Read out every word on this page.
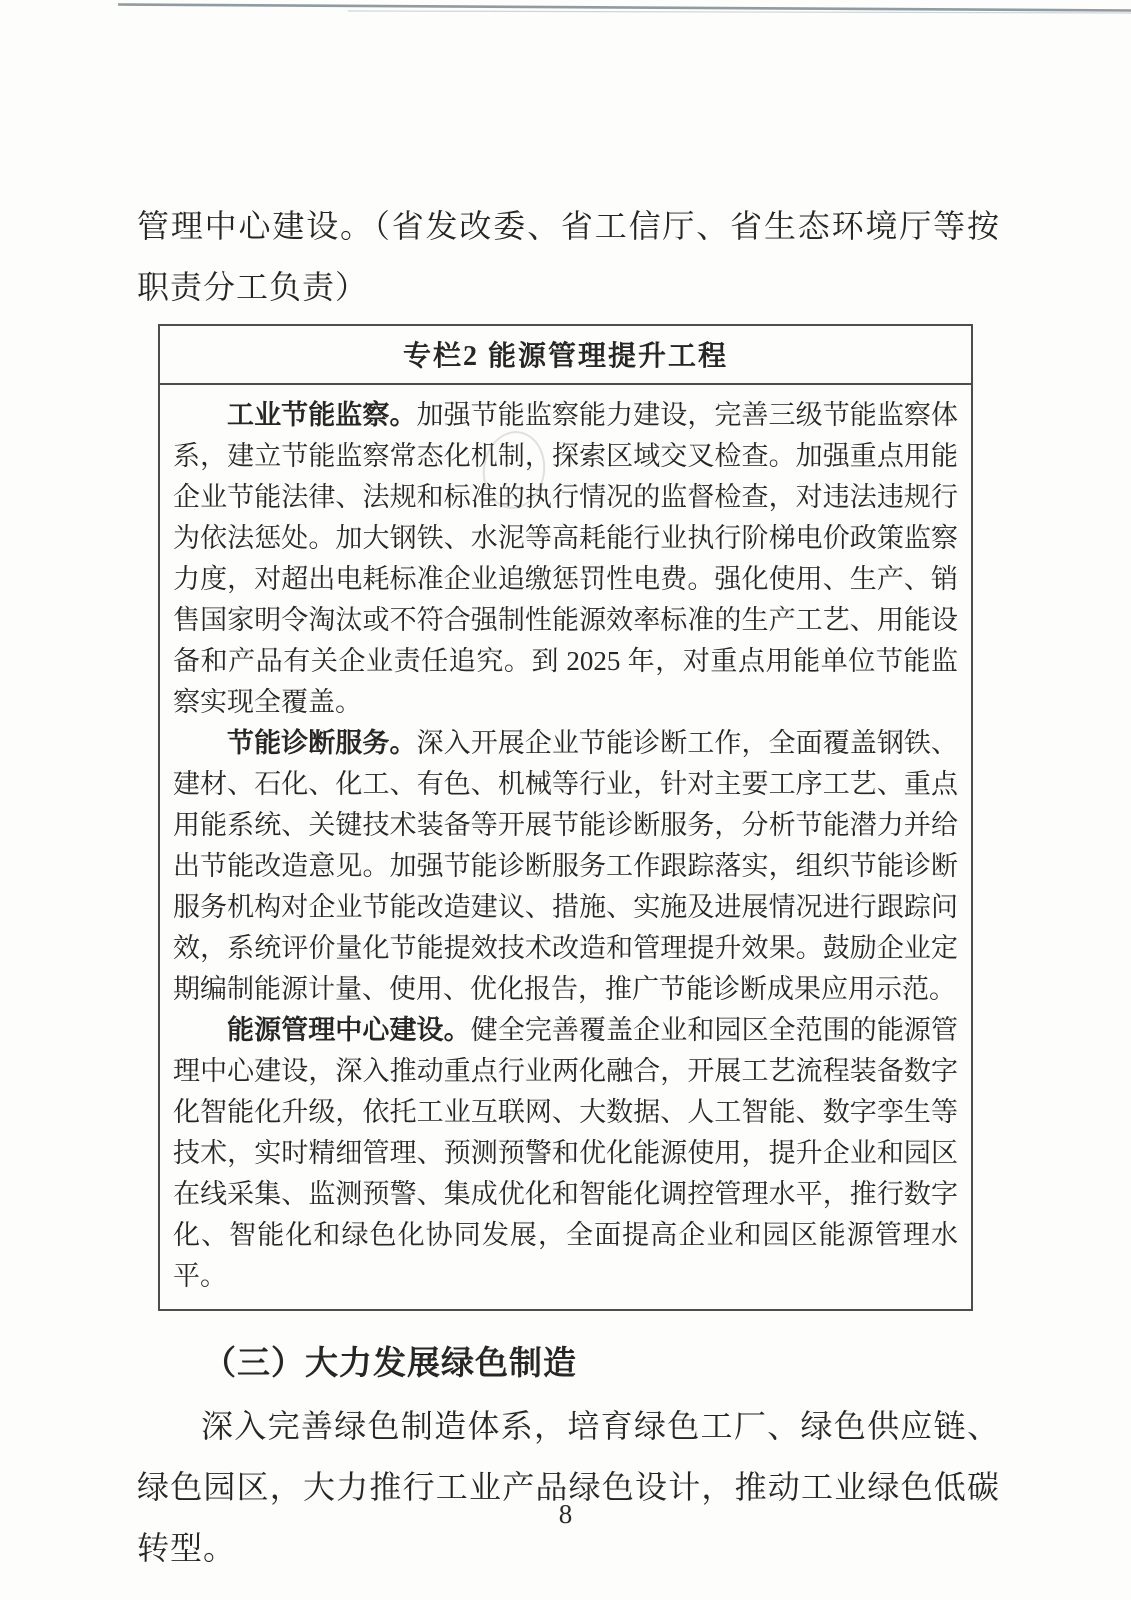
管理中心建设。（省发改委、省工信厅、省生态环境厅等按职责分工负责）

专栏2 能源管理提升工程

工业节能监察。加强节能监察能力建设，完善三级节能监察体系，建立节能监察常态化机制，探索区域交叉检查。加强重点用能企业节能法律、法规和标准的执行情况的监督检查，对违法违规行为依法惩处。加大钢铁、水泥等高耗能行业执行阶梯电价政策监察力度，对超出电耗标准企业追缴惩罚性电费。强化使用、生产、销售国家明令淘汰或不符合强制性能源效率标准的生产工艺、用能设备和产品有关企业责任追究。到 2025 年，对重点用能单位节能监察实现全覆盖。

节能诊断服务。深入开展企业节能诊断工作，全面覆盖钢铁、建材、石化、化工、有色、机械等行业，针对主要工序工艺、重点用能系统、关键技术装备等开展节能诊断服务，分析节能潜力并给出节能改造意见。加强节能诊断服务工作跟踪落实，组织节能诊断服务机构对企业节能改造建议、措施、实施及进展情况进行跟踪问效，系统评价量化节能提效技术改造和管理提升效果。鼓励企业定期编制能源计量、使用、优化报告，推广节能诊断成果应用示范。

能源管理中心建设。健全完善覆盖企业和园区全范围的能源管理中心建设，深入推动重点行业两化融合，开展工艺流程装备数字化智能化升级，依托工业互联网、大数据、人工智能、数字孪生等技术，实时精细管理、预测预警和优化能源使用，提升企业和园区在线采集、监测预警、集成优化和智能化调控管理水平，推行数字化、智能化和绿色化协同发展，全面提高企业和园区能源管理水平。

（三）大力发展绿色制造

深入完善绿色制造体系，培育绿色工厂、绿色供应链、绿色园区，大力推行工业产品绿色设计，推动工业绿色低碳转型。

8
